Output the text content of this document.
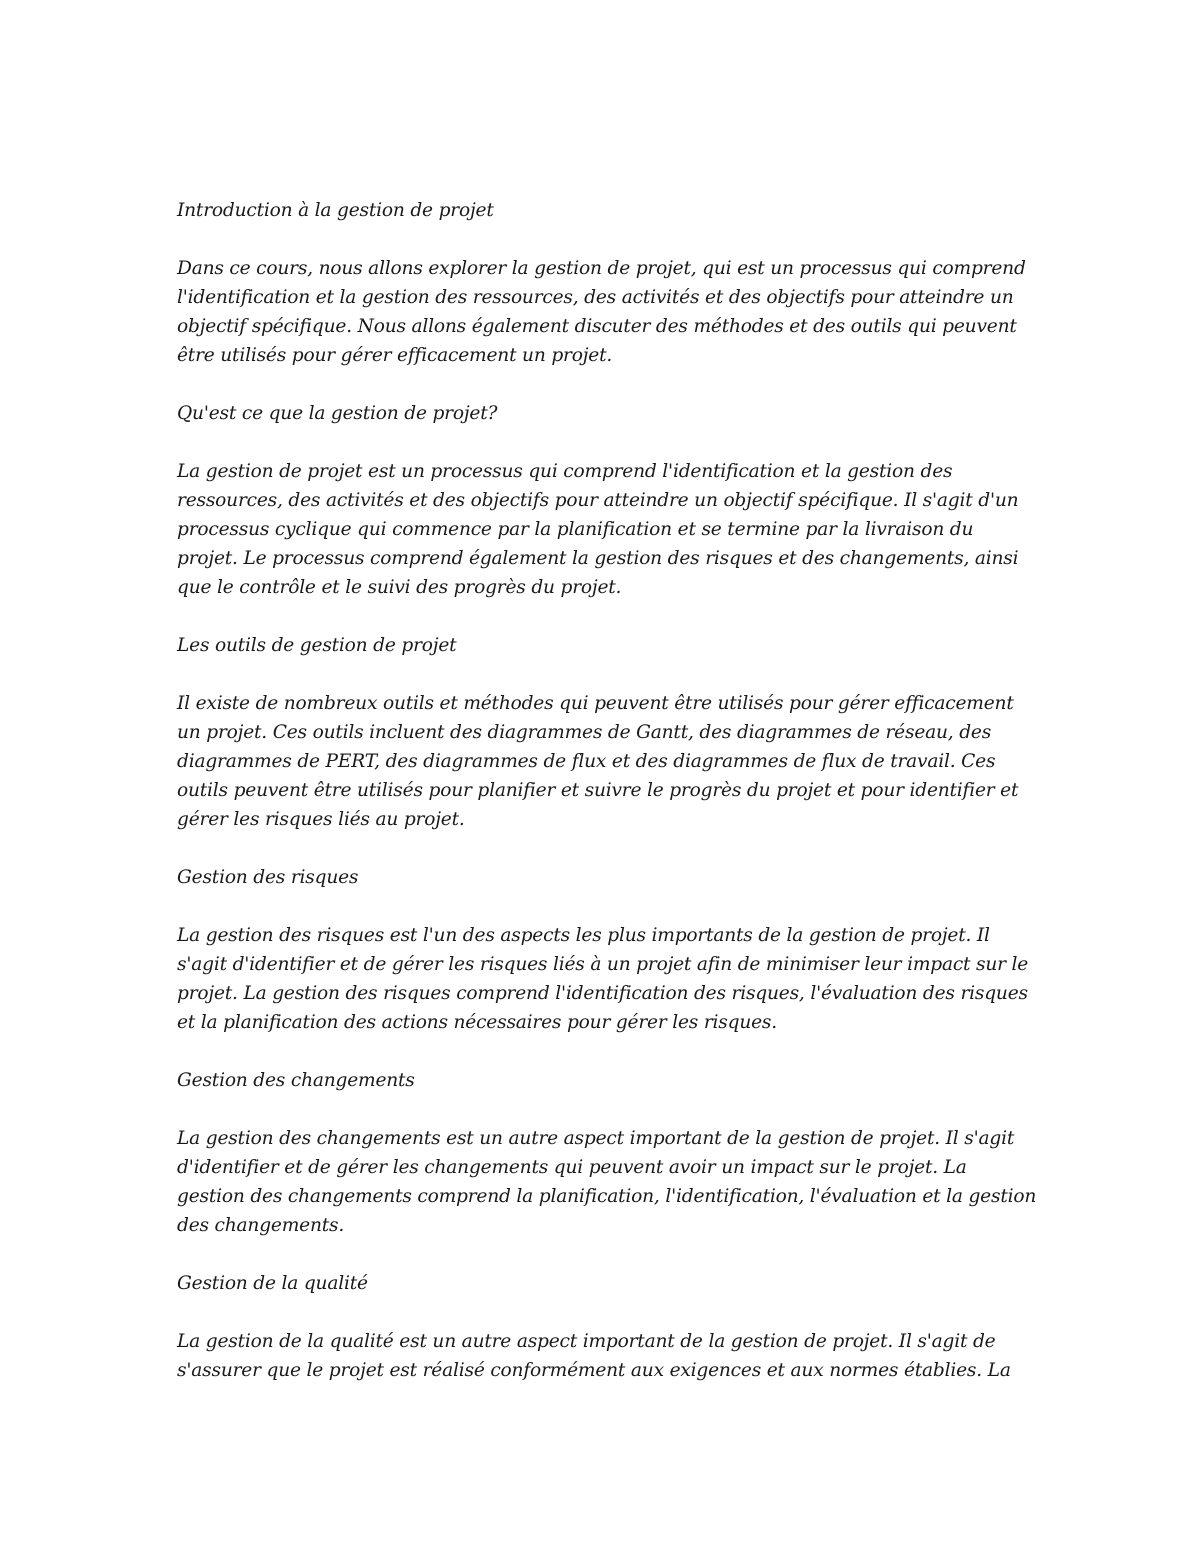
Introduction à la gestion de projet

Dans ce cours, nous allons explorer la gestion de projet, qui est un processus qui comprend l'identification et la gestion des ressources, des activités et des objectifs pour atteindre un objectif spécifique. Nous allons également discuter des méthodes et des outils qui peuvent être utilisés pour gérer efficacement un projet.

Qu'est ce que la gestion de projet?

La gestion de projet est un processus qui comprend l'identification et la gestion des ressources, des activités et des objectifs pour atteindre un objectif spécifique. Il s'agit d'un processus cyclique qui commence par la planification et se termine par la livraison du projet. Le processus comprend également la gestion des risques et des changements, ainsi que le contrôle et le suivi des progrès du projet.

Les outils de gestion de projet

Il existe de nombreux outils et méthodes qui peuvent être utilisés pour gérer efficacement un projet. Ces outils incluent des diagrammes de Gantt, des diagrammes de réseau, des diagrammes de PERT, des diagrammes de flux et des diagrammes de flux de travail. Ces outils peuvent être utilisés pour planifier et suivre le progrès du projet et pour identifier et gérer les risques liés au projet.

Gestion des risques

La gestion des risques est l'un des aspects les plus importants de la gestion de projet. Il s'agit d'identifier et de gérer les risques liés à un projet afin de minimiser leur impact sur le projet. La gestion des risques comprend l'identification des risques, l'évaluation des risques et la planification des actions nécessaires pour gérer les risques.

Gestion des changements

La gestion des changements est un autre aspect important de la gestion de projet. Il s'agit d'identifier et de gérer les changements qui peuvent avoir un impact sur le projet. La gestion des changements comprend la planification, l'identification, l'évaluation et la gestion des changements.

Gestion de la qualité

La gestion de la qualité est un autre aspect important de la gestion de projet. Il s'agit de s'assurer que le projet est réalisé conformément aux exigences et aux normes établies. La
